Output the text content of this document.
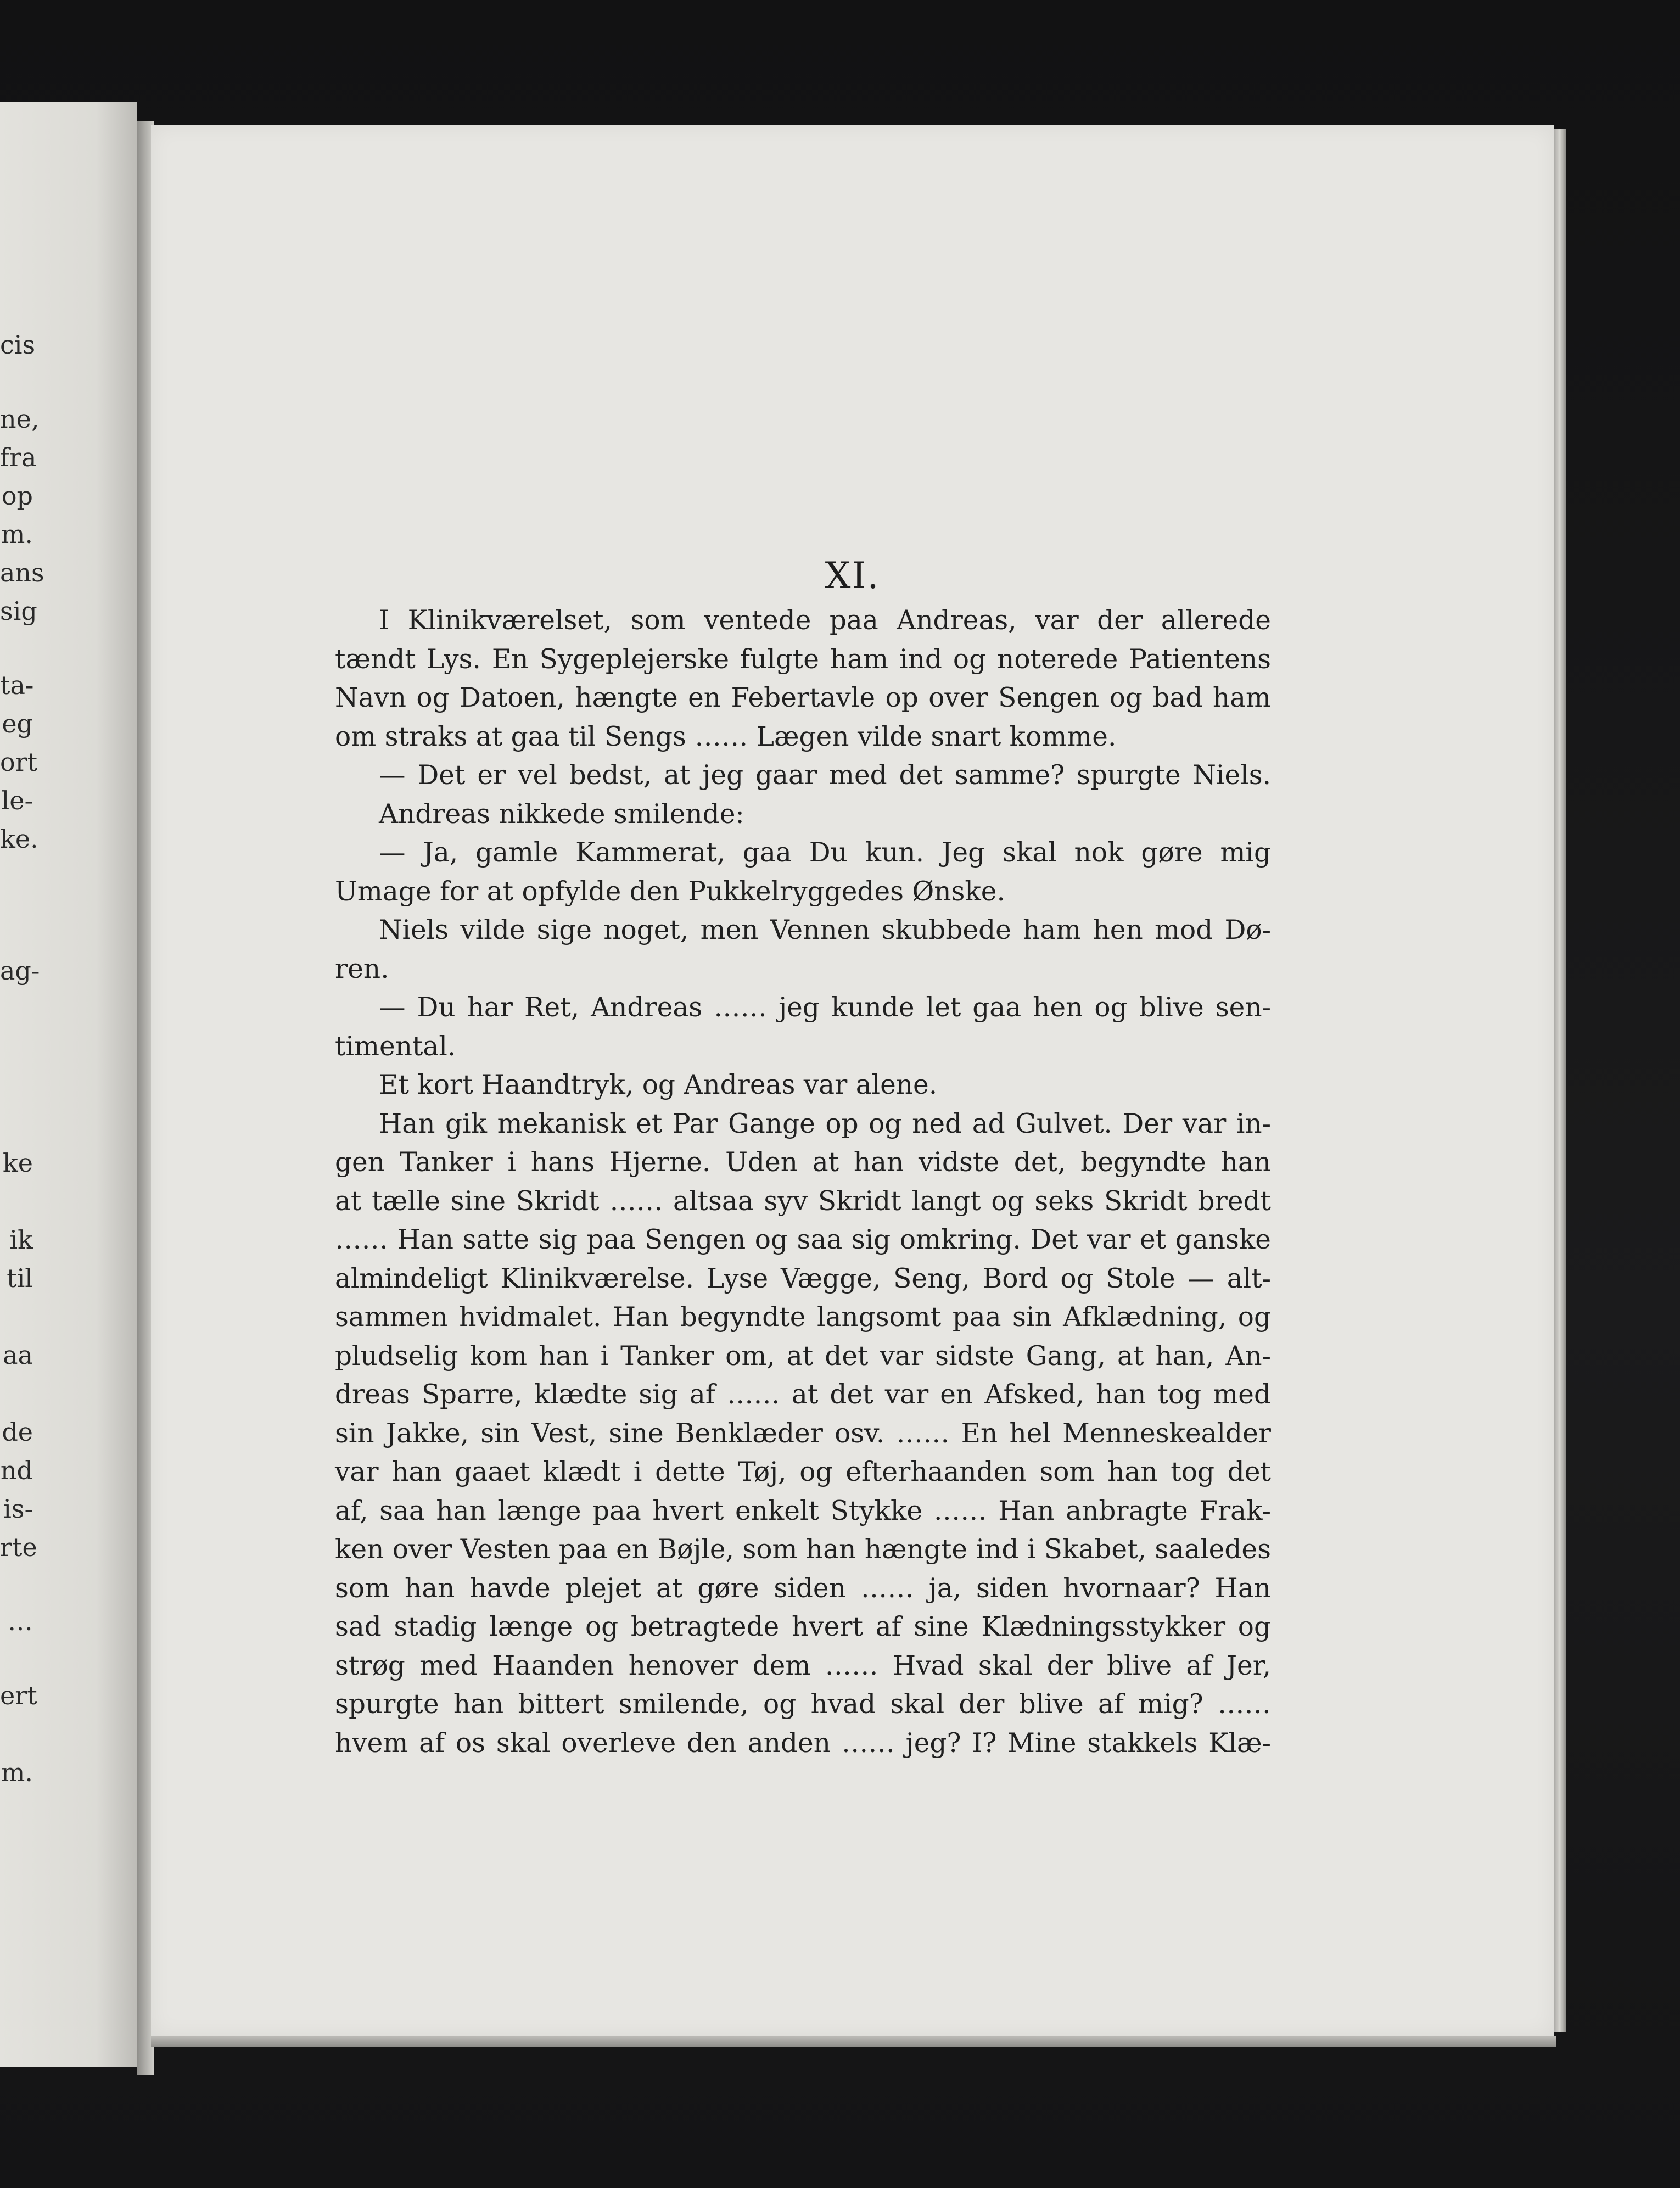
cis
ne,
fra
op
m.
ans
sig
ta-
eg
ort
le-
ke.
ag-
ke
ik
til
aa
de
nd
is-
rte
…
ert
m.
XI.
I Klinikværelset, som ventede paa Andreas, var der allerede
tændt Lys. En Sygeplejerske fulgte ham ind og noterede Patientens
Navn og Datoen, hængte en Febertavle op over Sengen og bad ham
om straks at gaa til Sengs …… Lægen vilde snart komme.
— Det er vel bedst, at jeg gaar med det samme? spurgte Niels.
Andreas nikkede smilende:
— Ja, gamle Kammerat, gaa Du kun. Jeg skal nok gøre mig
Umage for at opfylde den Pukkelryggedes Ønske.
Niels vilde sige noget, men Vennen skubbede ham hen mod Dø-
ren.
— Du har Ret, Andreas …… jeg kunde let gaa hen og blive sen-
timental.
Et kort Haandtryk, og Andreas var alene.
Han gik mekanisk et Par Gange op og ned ad Gulvet. Der var in-
gen Tanker i hans Hjerne. Uden at han vidste det, begyndte han
at tælle sine Skridt …… altsaa syv Skridt langt og seks Skridt bredt
…… Han satte sig paa Sengen og saa sig omkring. Det var et ganske
almindeligt Klinikværelse. Lyse Vægge, Seng, Bord og Stole — alt-
sammen hvidmalet. Han begyndte langsomt paa sin Afklædning, og
pludselig kom han i Tanker om, at det var sidste Gang, at han, An-
dreas Sparre, klædte sig af …… at det var en Afsked, han tog med
sin Jakke, sin Vest, sine Benklæder osv. …… En hel Menneskealder
var han gaaet klædt i dette Tøj, og efterhaanden som han tog det
af, saa han længe paa hvert enkelt Stykke …… Han anbragte Frak-
ken over Vesten paa en Bøjle, som han hængte ind i Skabet, saaledes
som han havde plejet at gøre siden …… ja, siden hvornaar? Han
sad stadig længe og betragtede hvert af sine Klædningsstykker og
strøg med Haanden henover dem …… Hvad skal der blive af Jer,
spurgte han bittert smilende, og hvad skal der blive af mig? ……
hvem af os skal overleve den anden …… jeg? I? Mine stakkels Klæ-
